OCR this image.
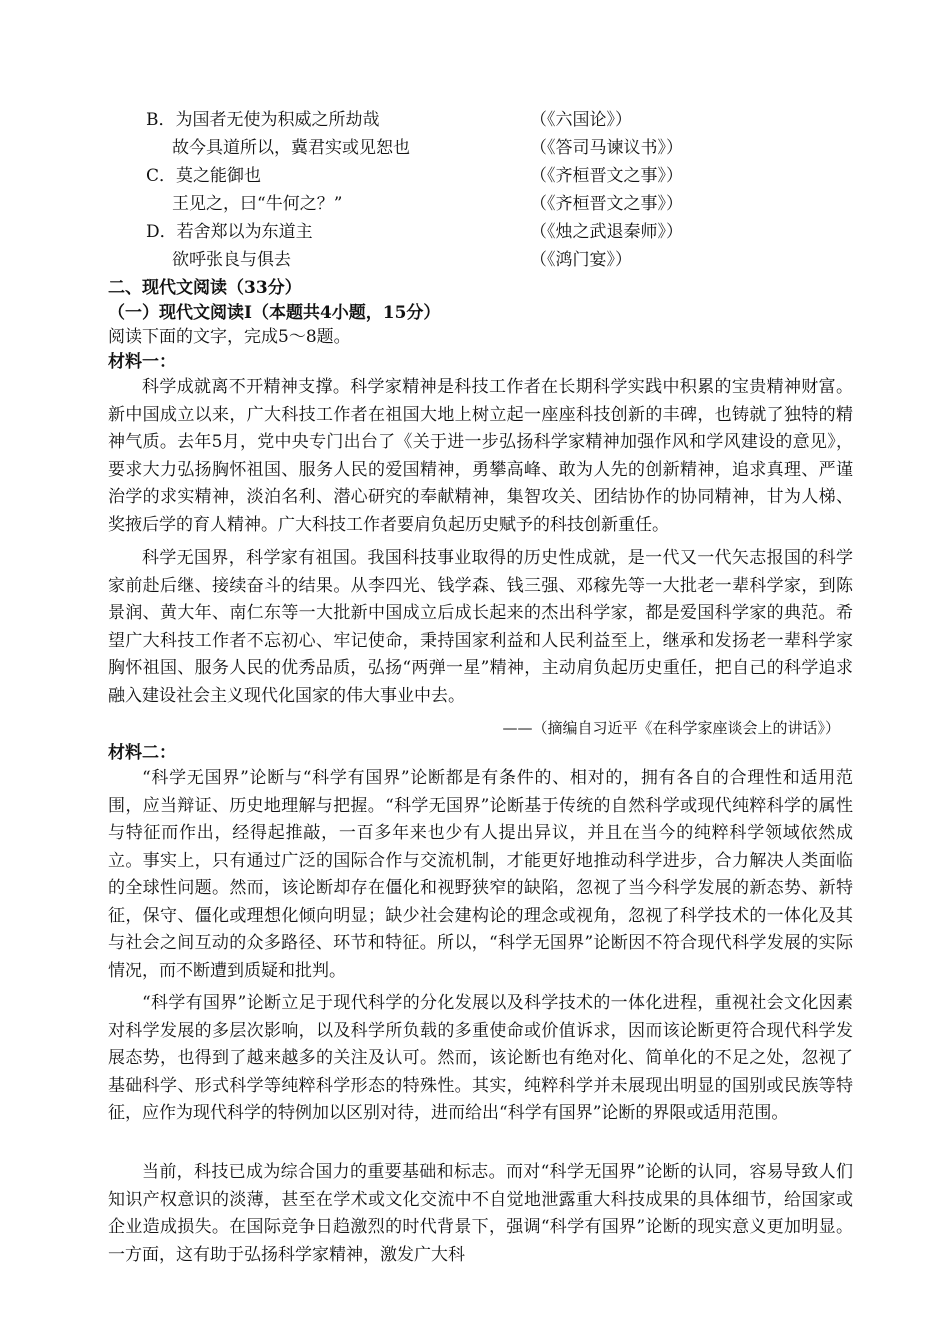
B．为国者无使为积威之所劫哉	（《六国论》）
故今具道所以，冀君实或见恕也	（《答司马谏议书》）
C．莫之能御也	（《齐桓晋文之事》）
王见之，曰“牛何之？”	（《齐桓晋文之事》）
D．若舍郑以为东道主	（《烛之武退秦师》）
欲呼张良与俱去	（《鸿门宴》）
二、现代文阅读（33分）
（一）现代文阅读Ⅰ（本题共4小题，15分）
阅读下面的文字，完成5～8题。
材料一：

科学成就离不开精神支撑。科学家精神是科技工作者在长期科学实践中积累的宝贵精神财富。新中国成立以来，广大科技工作者在祖国大地上树立起一座座科技创新的丰碑，也铸就了独特的精神气质。去年5月，党中央专门出台了《关于进一步弘扬科学家精神加强作风和学风建设的意见》，要求大力弘扬胸怀祖国、服务人民的爱国精神，勇攀高峰、敢为人先的创新精神，追求真理、严谨治学的求实精神，淡泊名利、潜心研究的奉献精神，集智攻关、团结协作的协同精神，甘为人梯、奖掖后学的育人精神。广大科技工作者要肩负起历史赋予的科技创新重任。

科学无国界，科学家有祖国。我国科技事业取得的历史性成就，是一代又一代矢志报国的科学家前赴后继、接续奋斗的结果。从李四光、钱学森、钱三强、邓稼先等一大批老一辈科学家，到陈景润、黄大年、南仁东等一大批新中国成立后成长起来的杰出科学家，都是爱国科学家的典范。希望广大科技工作者不忘初心、牢记使命，秉持国家利益和人民利益至上，继承和发扬老一辈科学家胸怀祖国、服务人民的优秀品质，弘扬“两弹一星”精神，主动肩负起历史重任，把自己的科学追求融入建设社会主义现代化国家的伟大事业中去。

——（摘编自习近平《在科学家座谈会上的讲话》）
材料二：

“科学无国界”论断与“科学有国界”论断都是有条件的、相对的，拥有各自的合理性和适用范围，应当辩证、历史地理解与把握。“科学无国界”论断基于传统的自然科学或现代纯粹科学的属性与特征而作出，经得起推敲，一百多年来也少有人提出异议，并且在当今的纯粹科学领域依然成立。事实上，只有通过广泛的国际合作与交流机制，才能更好地推动科学进步，合力解决人类面临的全球性问题。然而，该论断却存在僵化和视野狭窄的缺陷，忽视了当今科学发展的新态势、新特征，保守、僵化或理想化倾向明显；缺少社会建构论的理念或视角，忽视了科学技术的一体化及其与社会之间互动的众多路径、环节和特征。所以，“科学无国界”论断因不符合现代科学发展的实际情况，而不断遭到质疑和批判。

“科学有国界”论断立足于现代科学的分化发展以及科学技术的一体化进程，重视社会文化因素对科学发展的多层次影响，以及科学所负载的多重使命或价值诉求，因而该论断更符合现代科学发展态势，也得到了越来越多的关注及认可。然而，该论断也有绝对化、简单化的不足之处，忽视了基础科学、形式科学等纯粹科学形态的特殊性。其实，纯粹科学并未展现出明显的国别或民族等特征，应作为现代科学的特例加以区别对待，进而给出“科学有国界”论断的界限或适用范围。

当前，科技已成为综合国力的重要基础和标志。而对“科学无国界”论断的认同，容易导致人们知识产权意识的淡薄，甚至在学术或文化交流中不自觉地泄露重大科技成果的具体细节，给国家或企业造成损失。在国际竞争日趋激烈的时代背景下，强调“科学有国界”论断的现实意义更加明显。一方面，这有助于弘扬科学家精神，激发广大科
